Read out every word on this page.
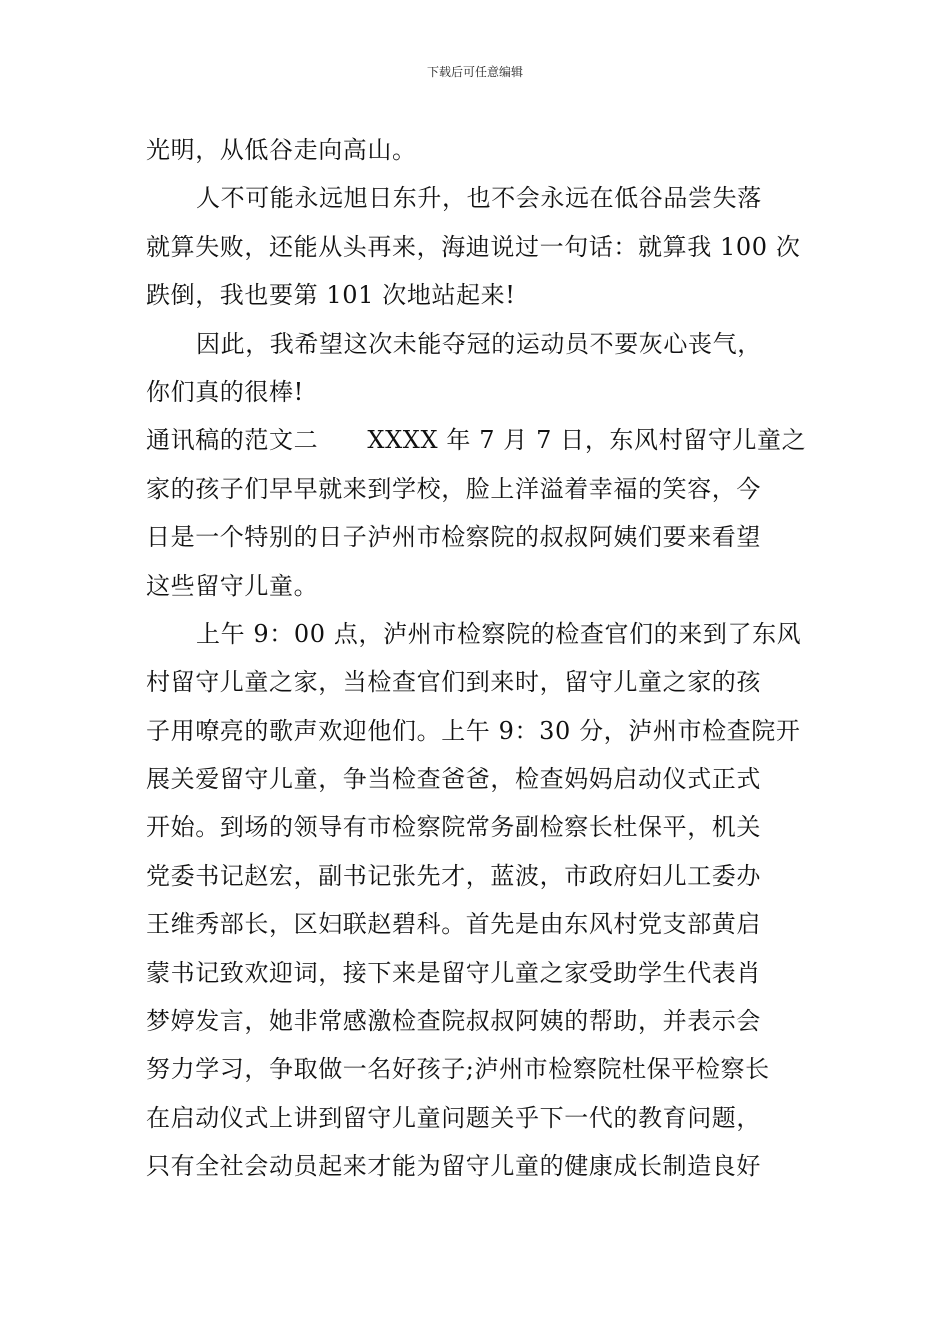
下载后可任意编辑
光明，从低谷走向高山。
人不可能永远旭日东升，也不会永远在低谷品尝失落
就算失败，还能从头再来，海迪说过一句话：就算我 100 次
跌倒，我也要第 101 次地站起来!
因此，我希望这次未能夺冠的运动员不要灰心丧气，
你们真的很棒!
通讯稿的范文二　　XXXX 年 7 月 7 日，东风村留守儿童之
家的孩子们早早就来到学校，脸上洋溢着幸福的笑容，今
日是一个特别的日子泸州市检察院的叔叔阿姨们要来看望
这些留守儿童。
上午 9：00 点，泸州市检察院的检查官们的来到了东风
村留守儿童之家，当检查官们到来时，留守儿童之家的孩
子用嘹亮的歌声欢迎他们。上午 9：30 分，泸州市检查院开
展关爱留守儿童，争当检查爸爸，检查妈妈启动仪式正式
开始。到场的领导有市检察院常务副检察长杜保平，机关
党委书记赵宏，副书记张先才，蓝波，市政府妇儿工委办
王维秀部长，区妇联赵碧科。首先是由东风村党支部黄启
蒙书记致欢迎词，接下来是留守儿童之家受助学生代表肖
梦婷发言，她非常感激检查院叔叔阿姨的帮助，并表示会
努力学习，争取做一名好孩子;泸州市检察院杜保平检察长
在启动仪式上讲到留守儿童问题关乎下一代的教育问题，
只有全社会动员起来才能为留守儿童的健康成长制造良好
